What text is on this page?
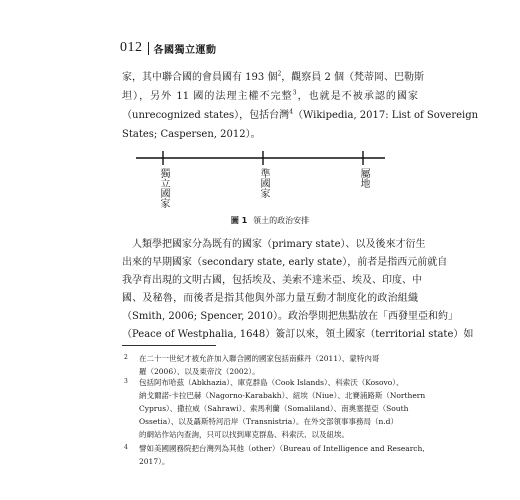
012 各國獨立運動
家，其中聯合國的會員國有 193 個$^2$，觀察員 2 個（梵蒂岡、巴勒斯
坦），另外 11 國的法理主權不完整$^3$，也就是不被承認的國家
（unrecognized states），包括台灣$^4$（Wikipedia, 2017: List of Sovereign
States; Caspersen, 2012）。
獨立國家	準國家	屬地
圖 1 領土的政治安排
人類學把國家分為既有的國家（primary state）、以及後來才衍生
出來的早期國家（secondary state, early state），前者是指西元前就自
我孕育出現的文明古國，包括埃及、美索不達米亞、埃及、印度、中
國、及秘魯，而後者是指其他與外部力量互動才制度化的政治組織
（Smith, 2006; Spencer, 2010）。政治學則把焦點放在「西發里亞和約」
（Peace of Westphalia, 1648）簽訂以來，領土國家（territorial state）如
2 在二十一世紀才被允許加入聯合國的國家包括南蘇丹（2011）、蒙特內哥
羅（2006）、以及東帝汶（2002）。
3 包括阿布哈茲（Abkhazia）、庫克群島（Cook Islands）、科索沃（Kosovo）、
納戈爾諾-卡拉巴赫（Nagorno-Karabakh）、紐埃（Niue）、北賽浦路斯（Northern
Cyprus）、撒拉威（Sahrawi）、索馬利蘭（Somaliland）、南奧塞提亞（South
Ossetia）、以及聶斯特河沿岸（Transnistria）。在外交部領事事務局（n.d）
的網站作站內查詢，只可以找到庫克群島、科索沃、以及紐埃。
4 譬如美國國務院把台灣列為其他（other）（Bureau of Intelligence and Research,
2017）。
